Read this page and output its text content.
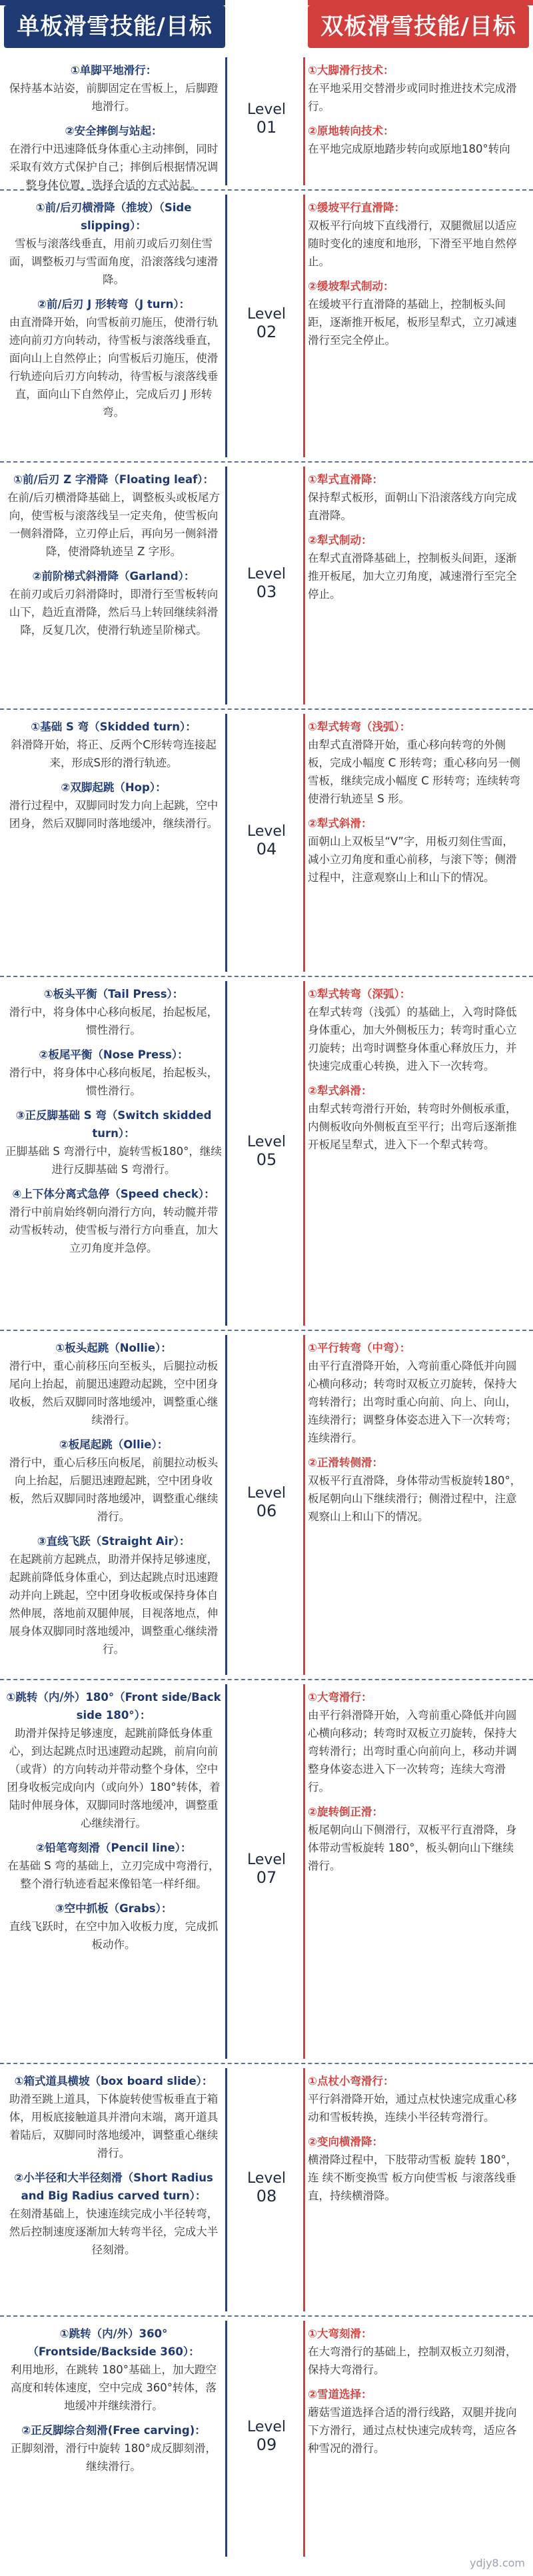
单板滑雪技能/目标	双板滑雪技能/目标
Level
01
①单脚平地滑行：
保持基本站姿，前脚固定在雪板上，后脚蹬地滑行。
②安全摔倒与站起：
在滑行中迅速降低身体重心主动摔倒，同时采取有效方式保护自己；摔倒后根据情况调整身体位置，选择合适的方式站起。
①大脚滑行技术：
在平地采用交替滑步或同时推进技术完成滑行。
②原地转向技术：
在平地完成原地踏步转向或原地180°转向
Level
02
①前/后刃横滑降（推坡）（Side slipping）：
雪板与滚落线垂直，用前刃或后刃刻住雪面，调整板刃与雪面角度，沿滚落线匀速滑降。
②前/后刃 J 形转弯（J turn）：
由直滑降开始，向雪板前刃施压，使滑行轨迹向前刃方向转动，待雪板与滚落线垂直，面向山上自然停止；向雪板后刃施压，使滑行轨迹向后刃方向转动，待雪板与滚落线垂直，面向山下自然停止，完成后刃 J 形转弯。
①缓坡平行直滑降：
双板平行向坡下直线滑行，双腿微屈以适应随时变化的速度和地形，下滑至平地自然停止。
②缓坡犁式制动：
在缓坡平行直滑降的基础上，控制板头间距，逐渐推开板尾，板形呈犁式，立刃减速滑行至完全停止。
Level
03
①前/后刃 Z 字滑降（Floating leaf）：
在前/后刃横滑降基础上，调整板头或板尾方向，使雪板与滚落线呈一定夹角，使雪板向一侧斜滑降，立刃停止后，再向另一侧斜滑降，使滑降轨迹呈 Z 字形。
②前阶梯式斜滑降（Garland）：
在前刃或后刃斜滑降时，即滑行至雪板转向山下，趋近直滑降，然后马上转回继续斜滑降，反复几次，使滑行轨迹呈阶梯式。
①犁式直滑降：
保持犁式板形，面朝山下沿滚落线方向完成直滑降。
②犁式制动：
在犁式直滑降基础上，控制板头间距，逐渐推开板尾，加大立刃角度，减速滑行至完全停止。
Level
04
①基础 S 弯（Skidded turn）：
斜滑降开始，将正、反两个C形转弯连接起来，形成S形的滑行轨迹。
②双脚起跳（Hop）：
滑行过程中，双脚同时发力向上起跳，空中团身，然后双脚同时落地缓冲，继续滑行。
①犁式转弯（浅弧）：
由犁式直滑降开始，重心移向转弯的外侧板，完成小幅度 C 形转弯；重心移向另一侧雪板，继续完成小幅度 C 形转弯；连续转弯使滑行轨迹呈 S 形。
②犁式斜滑：
面朝山上双板呈“V”字，用板刃刻住雪面，减小立刃角度和重心前移，与滚下等；侧滑过程中，注意观察山上和山下的情况。
Level
05
①板头平衡（Tail Press）：
滑行中，将身体中心移向板尾，抬起板尾，惯性滑行。
②板尾平衡（Nose Press）：
滑行中，将身体中心移向板尾，抬起板头，惯性滑行。
③正反脚基础 S 弯（Switch skidded turn）：
正脚基础 S 弯滑行中，旋转雪板180°，继续进行反脚基础 S 弯滑行。
④上下体分离式急停（Speed check）：
滑行中前肩始终朝向滑行方向，转动髋并带动雪板转动，使雪板与滑行方向垂直，加大立刃角度并急停。
①犁式转弯（深弧）：
在犁式转弯（浅弧）的基础上，入弯时降低身体重心，加大外侧板压力；转弯时重心立刃旋转；出弯时调整身体重心释放压力，并快速完成重心转换，进入下一次转弯。
②犁式斜滑：
由犁式转弯滑行开始，转弯时外侧板承重，内侧板收向外侧板直至平行；出弯后逐渐推开板尾呈犁式，进入下一个犁式转弯。
Level
06
①板头起跳（Nollie）：
滑行中，重心前移压向至板头，后腿拉动板尾向上抬起，前腿迅速蹬动起跳，空中团身收板，然后双脚同时落地缓冲，调整重心继续滑行。
②板尾起跳（Ollie）：
滑行中，重心后移压向板尾，前腿拉动板头向上抬起，后腿迅速蹬起跳，空中团身收板，然后双脚同时落地缓冲，调整重心继续滑行。
③直线飞跃（Straight Air）：
在起跳前方起跳点，助滑并保持足够速度，起跳前降低身体重心，到达起跳点时迅速蹬动并向上跳起，空中团身收板或保持身体自然伸展，落地前双腿伸展，目视落地点，伸展身体双脚同时落地缓冲，调整重心继续滑行。
①平行转弯（中弯）：
由平行直滑降开始，入弯前重心降低并向圆心横向移动；转弯时双板立刃旋转，保持大弯转滑行；出弯时重心向前、向上、向山，连续滑行；调整身体姿态进入下一次转弯；连续滑行。
②正滑转侧滑：
双板平行直滑降，身体带动雪板旋转180°，板尾朝向山下继续滑行；侧滑过程中，注意观察山上和山下的情况。
Level
07
①跳转（内/外）180°（Front side/Back side 180°）：
助滑并保持足够速度，起跳前降低身体重心，到达起跳点时迅速蹬动起跳，前肩向前（或背）的方向转动并带动整个身体，空中团身收板完成向内（或向外）180°转体，着陆时伸展身体，双脚同时落地缓冲，调整重心继续滑行。
②铅笔弯刻滑（Pencil line）：
在基础 S 弯的基础上，立刃完成中弯滑行，整个滑行轨迹看起来像铅笔一样纤细。
③空中抓板（Grabs）：
直线飞跃时，在空中加入收板力度，完成抓板动作。
①大弯滑行：
由平行斜滑降开始，入弯前重心降低并向圆心横向移动；转弯时双板立刃旋转，保持大弯转滑行；出弯时重心向前向上，移动并调整身体姿态进入下一次转弯；连续大弯滑行。
②旋转倒正滑：
板尾朝向山下侧滑行，双板平行直滑降，身体带动雪板旋转 180°，板头朝向山下继续滑行。
Level
08
①箱式道具横坡（box board slide）：
助滑至跳上道具，下体旋转使雪板垂直于箱体，用板底接触道具并滑向末端，离开道具着陆后，双脚同时落地缓冲，调整重心继续滑行。
②小半径和大半径刻滑（Short Radius and Big Radius carved turn）：
在刻滑基础上，快速连续完成小半径转弯，然后控制速度逐渐加大转弯半径，完成大半径刻滑。
①点杖小弯滑行：
平行斜滑降开始，通过点杖快速完成重心移动和雪板转换，连续小半径转弯滑行。
②变向横滑降：
横滑降过程中，下肢带动雪板 旋转 180°，连 续不断变换雪 板方向使雪板 与滚落线垂直，持续横滑降。
Level
09
①跳转（内/外）360°（Frontside/Backside 360）：
利用地形，在跳转 180°基础上，加大蹬空高度和转体速度，空中完成 360°转体，落地缓冲并继续滑行。
②正反脚综合刻滑(Free carving)：
正脚刻滑，滑行中旋转 180°成反脚刻滑，继续滑行。
①大弯刻滑：
在大弯滑行的基础上，控制双板立刃刻滑，保持大弯滑行。
②雪道选择：
蘑菇雪道选择合适的滑行线路，双腿并拢向下方滑行，通过点杖快速完成转弯，适应各种雪况的滑行。
ydjy8.com
